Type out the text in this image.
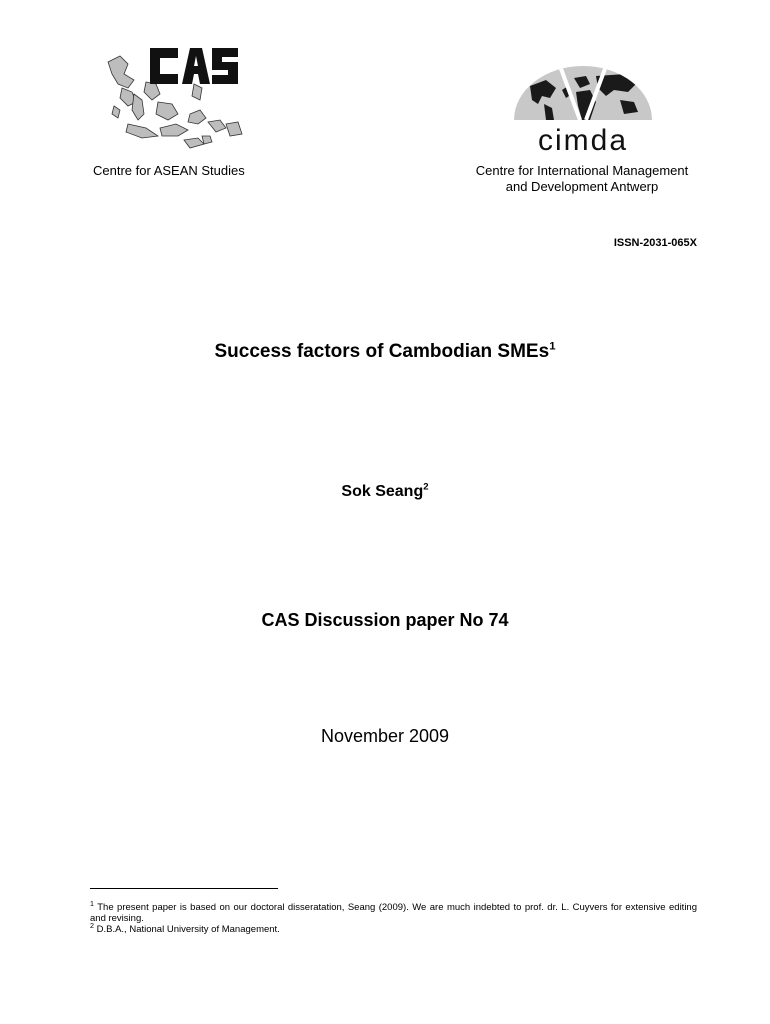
Centre for ASEAN Studies
cimda
Centre for International Management
and Development Antwerp
ISSN-2031-065X
Success factors of Cambodian SMEs$^1$
Sok Seang$^2$
CAS Discussion paper No 74
November 2009

$^1$ The present paper is based on our doctoral disseratation, Seang (2009). We are much indebted to prof. dr. L. Cuyvers for extensive editing and revising.

$^2$ D.B.A., National University of Management.
